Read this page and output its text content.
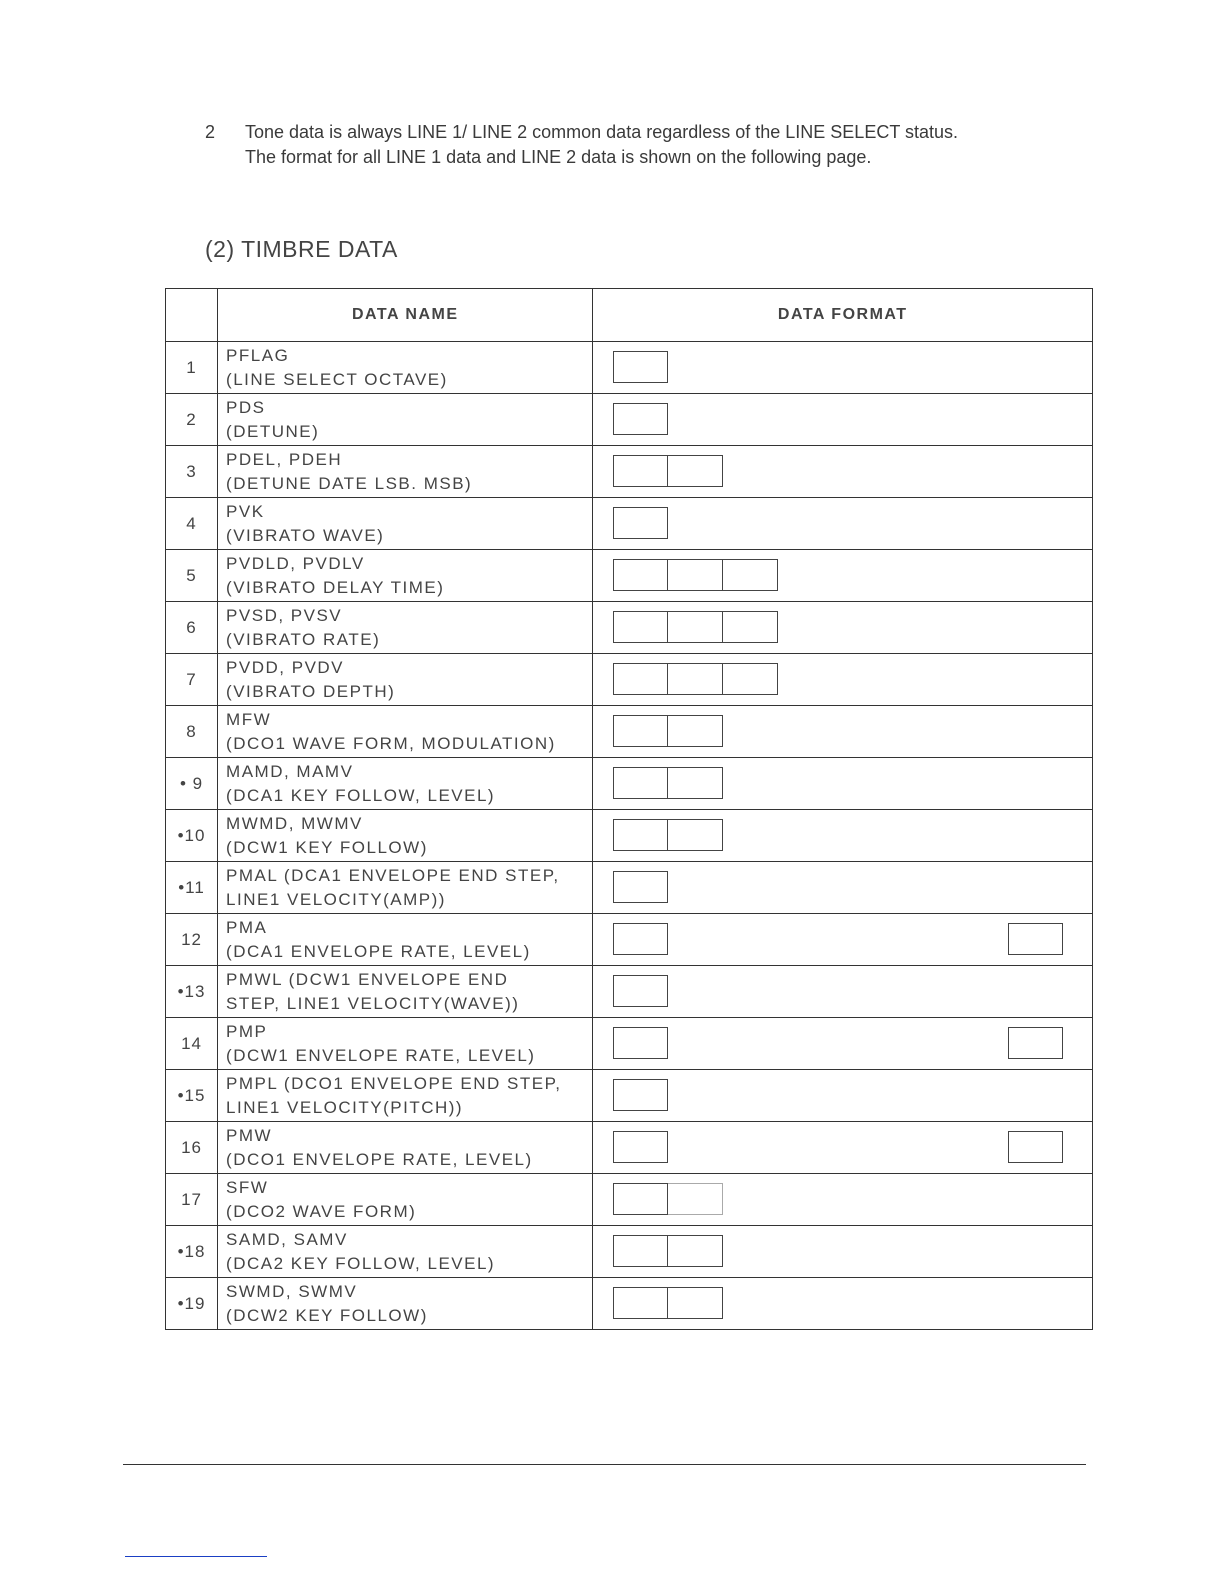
2 Tone data is always LINE 1/ LINE 2 common data regardless of the LINE SELECT status. The format for all LINE 1 data and LINE 2 data is shown on the following page.
(2) TIMBRE DATA
	DATA NAME	DATA FORMAT
1	PFLAG
(LINE SELECT OCTAVE)	

2	PDS
(DETUNE)	

3	PDEL, PDEH
(DETUNE DATE LSB. MSB)	

4	PVK
(VIBRATO WAVE)	

5	PVDLD, PVDLV
(VIBRATO DELAY TIME)	

6	PVSD, PVSV
(VIBRATO RATE)	

7	PVDD, PVDV
(VIBRATO DEPTH)	

8	MFW
(DCO1 WAVE FORM, MODULATION)	

• 9	MAMD, MAMV
(DCA1 KEY FOLLOW, LEVEL)	

•10	MWMD, MWMV
(DCW1 KEY FOLLOW)	

•11	PMAL (DCA1 ENVELOPE END STEP,
LINE1 VELOCITY(AMP))	

12	PMA
(DCA1 ENVELOPE RATE, LEVEL)	

•13	PMWL (DCW1 ENVELOPE END
STEP, LINE1 VELOCITY(WAVE))	

14	PMP
(DCW1 ENVELOPE RATE, LEVEL)	

•15	PMPL (DCO1 ENVELOPE END STEP,
LINE1 VELOCITY(PITCH))	

16	PMW
(DCO1 ENVELOPE RATE, LEVEL)	

17	SFW
(DCO2 WAVE FORM)	

•18	SAMD, SAMV
(DCA2 KEY FOLLOW, LEVEL)	

•19	SWMD, SWMV
(DCW2 KEY FOLLOW)	
